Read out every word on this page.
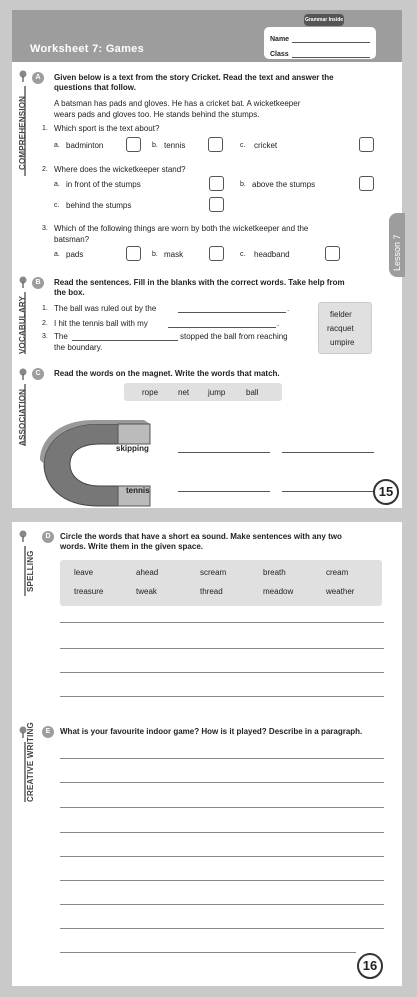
Grammar Inside
Worksheet 7: Games
Name
Class
Lesson 7
A
COMPREHENSION
Given below is a text from the story Cricket. Read the text and answer the
questions that follow.
A batsman has pads and gloves. He has a cricket bat. A wicketkeeper
wears pads and gloves too. He stands behind the stumps.
1. Which sport is the text about?
a. badminton	b. tennis	c. cricket
2. Where does the wicketkeeper stand?
a. in front of the stumps	b. above the stumps
c. behind the stumps
3. Which of the following things are worn by both the wicketkeeper and the
batsman?
a. pads	b. mask	c. headband
B
VOCABULARY
Read the sentences. Fill in the blanks with the correct words. Take help from
the box.
1. The ball was ruled out by the	.
2. I hit the tennis ball with my	.
3. The	stopped the ball from reaching
the boundary.
fielder
racquet
umpire
C
ASSOCIATION
Read the words on the magnet. Write the words that match.
rope net jump	ball
skipping
tennis	15
D
SPELLING
Circle the words that have a short ea sound. Make sentences with any two
words. Write them in the given space.
leave	ahead	scream	breath	cream
treasure	tweak	thread	meadow	weather
E
CREATIVE WRITING	What is your favourite indoor game? How is it played? Describe in a paragraph.
16
